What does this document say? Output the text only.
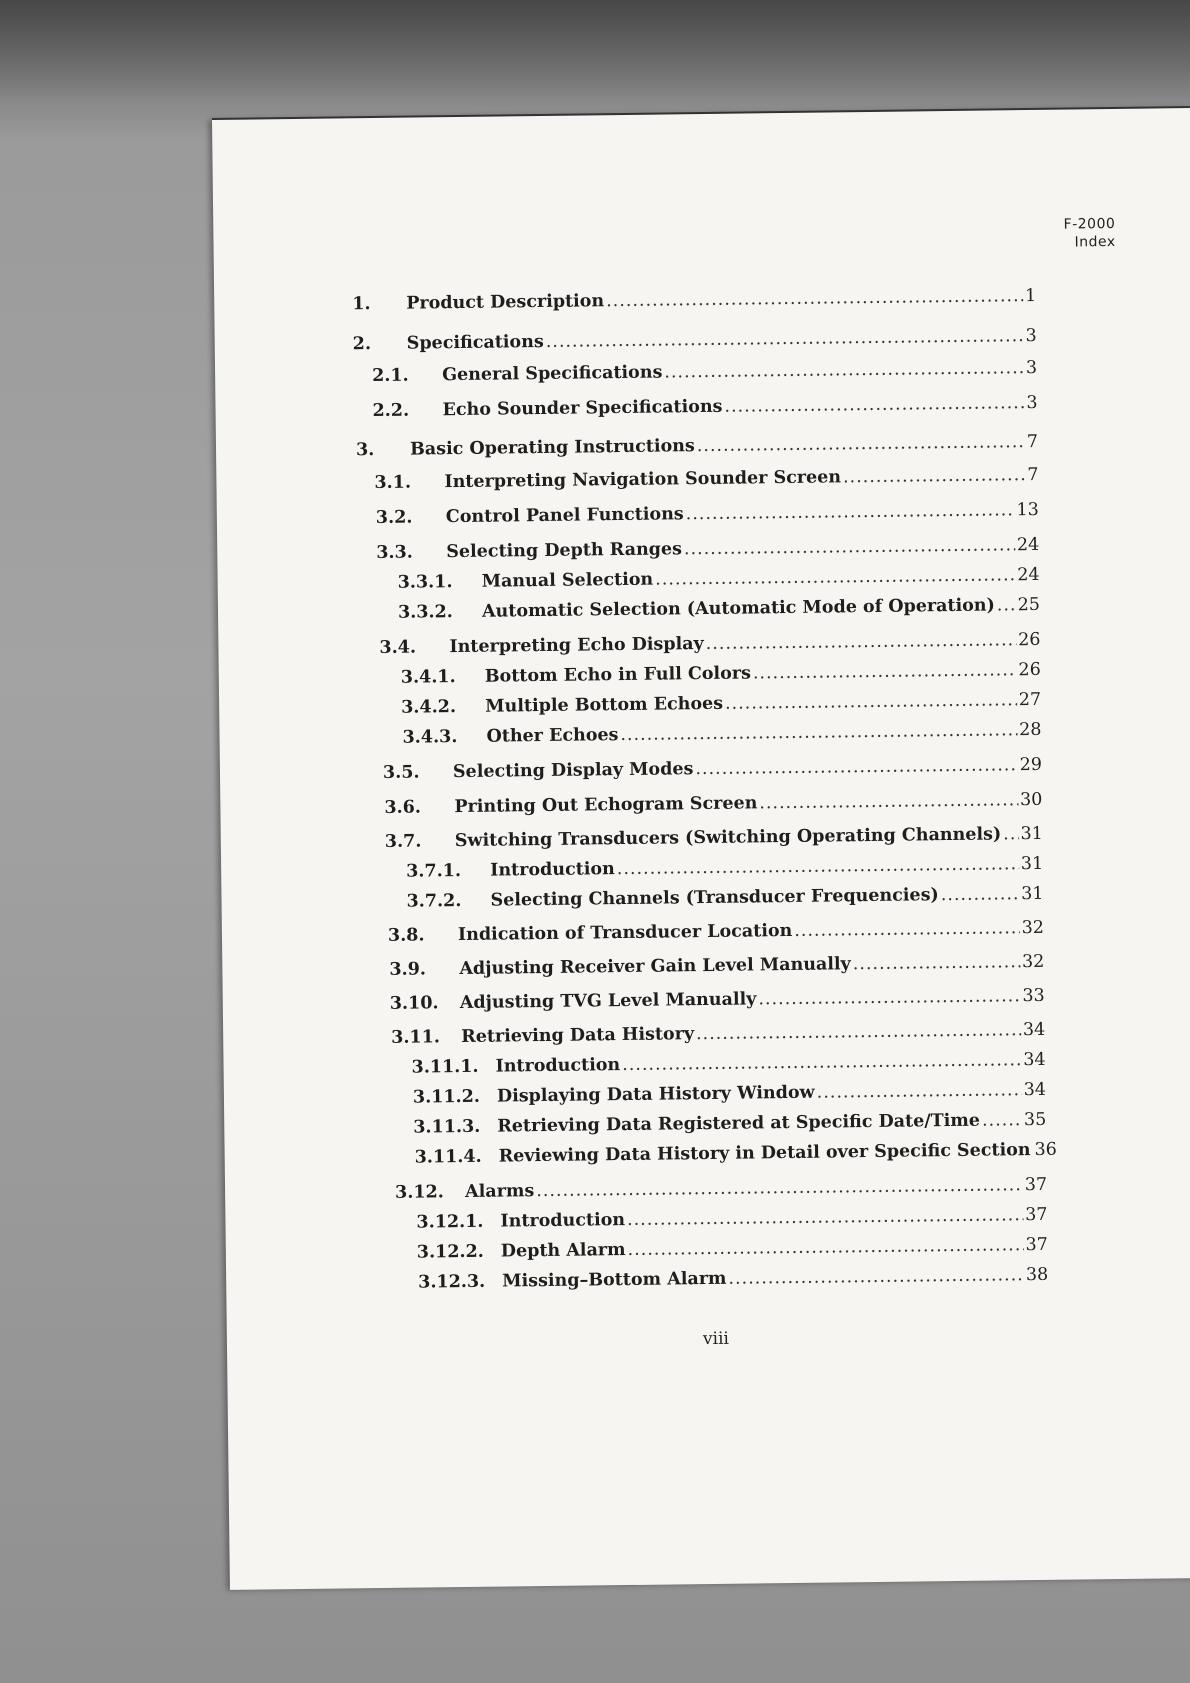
F-2000
Index
1.	Product Description .....	1
2.	Specifications .....	3
2.1.	General Specifications .....	3
2.2.	Echo Sounder Specifications .....	3
3.	Basic Operating Instructions .....	7
3.1.	Interpreting Navigation Sounder Screen .....	7
3.2.	Control Panel Functions .....	13
3.3.	Selecting Depth Ranges .....	24
3.3.1.	Manual Selection .....	24
3.3.2.	Automatic Selection (Automatic Mode of Operation) ..... 25
3.4.	Interpreting Echo Display .....	26
3.4.1.	Bottom Echo in Full Colors .....	26
3.4.2.	Multiple Bottom Echoes .....	27
3.4.3.	Other Echoes .....	28
3.5.	Selecting Display Modes .....	29
3.6.	Printing Out Echogram Screen .....	30
3.7.	Switching Transducers (Switching Operating Channels) ..... 31
3.7.1.	Introduction .....	31
3.7.2.	Selecting Channels (Transducer Frequencies) .....	31
3.8.	Indication of Transducer Location .....	32
3.9.	Adjusting Receiver Gain Level Manually .....	32
3.10.	Adjusting TVG Level Manually .....	33
3.11.	Retrieving Data History .....	34
3.11.1. Introduction .....	34
3.11.2. Displaying Data History Window .....	34
3.11.3. Retrieving Data Registered at Specific Date/Time ..... 35
3.11.4. Reviewing Data History in Detail over Specific Section ..... 36
3.12.	Alarms .....	37
3.12.1. Introduction .....	37
3.12.2. Depth Alarm .....	37
3.12.3. Missing–Bottom Alarm .....	38
viii
